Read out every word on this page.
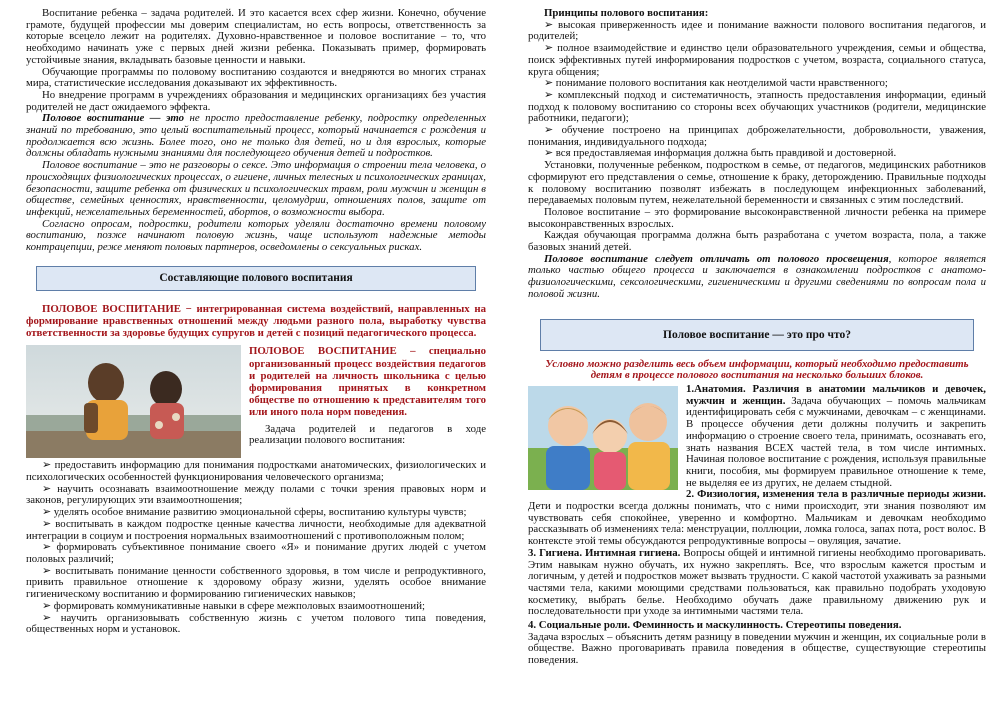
Воспитание ребенка – задача родителей. И это касается всех сфер жизни. Конечно, обучение грамоте, будущей профессии мы доверим специалистам, но есть вопросы, ответственность за которые всецело лежит на родителях. Духовно-нравственное и половое воспитание – то, что необходимо начинать уже с первых дней жизни ребенка. Показывать пример, формировать устойчивые знания, вкладывать базовые ценности и навыки.

Обучающие программы по половому воспитанию создаются и внедряются во многих странах мира, статистические исследования доказывают их эффективность.

Но внедрение программ в учреждениях образования и медицинских организациях без участия родителей не даст ожидаемого эффекта.

Половое воспитание — это не просто предоставление ребенку, подростку определенных знаний по требованию, это целый воспитательный процесс, который начинается с рождения и продолжается всю жизнь. Более того, оно не только для детей, но и для взрослых, которые должны обладать нужными знаниями для последующего обучения детей и подростков.

Половое воспитание – это не разговоры о сексе. Это информация о строении тела человека, о происходящих физиологических процессах, о гигиене, личных телесных и психологических границах, безопасности, защите ребенка от физических и психологических травм, роли мужчин и женщин в обществе, семейных ценностях, нравственности, целомудрии, отношениях полов, защите от инфекций, нежелательных беременностей, абортов, о возможности выбора.

Согласно опросам, подростки, родители которых уделяли достаточно времени половому воспитанию, позже начинают половую жизнь, чаще используют надежные методы контрацепции, реже меняют половых партнеров, осведомлены о сексуальных рисках.

Составляющие полового воспитания

ПОЛОВОЕ ВОСПИТАНИЕ − интегрированная система воздействий, направленных на формирование нравственных отношений между людьми разного пола, выработку чувства ответственности за здоровье будущих супругов и детей с позиций педагогического процесса.

ПОЛОВОЕ ВОСПИТАНИЕ – специально организованный процесс воздействия педагогов и родителей на личность школьника с целью формирования принятых в конкретном обществе по отношению к представителям того или иного пола норм поведения.

Задача родителей и педагогов в ходе реализации полового воспитания:

➢ предоставить информацию для понимания подростками анатомических, физиологических и психологических особенностей функционирования человеческого организма;

➢ научить осознавать взаимоотношение между полами с точки зрения правовых норм и законов, регулирующих эти взаимоотношения;

➢ уделять особое внимание развитию эмоциональной сферы, воспитанию культуры чувств;

➢ воспитывать в каждом подростке ценные качества личности, необходимые для адекватной интеграции в социум и построения нормальных взаимоотношений с противоположным полом;

➢ формировать субъективное понимание своего «Я» и понимание других людей с учетом половых различий;

➢ воспитывать понимание ценности собственного здоровья, в том числе и репродуктивного, привить правильное отношение к здоровому образу жизни, уделять особое внимание гигиеническому воспитанию и формированию гигиенических навыков;

➢ формировать коммуникативные навыки в сфере межполовых взаимоотношений;

➢ научить организовывать собственную жизнь с учетом полового типа поведения, общественных норм и установок.

Принципы полового воспитания:

➢ высокая приверженность идее и понимание важности полового воспитания педагогов, и родителей;

➢ полное взаимодействие и единство цели образовательного учреждения, семьи и общества, поиск эффективных путей информирования подростков с учетом, возраста, социального статуса, круга общения;

➢ понимание полового воспитания как неотделимой части нравственного;

➢ комплексный подход и систематичность, этапность предоставления информации, единый подход к половому воспитанию со стороны всех обучающих участников (родители, медицинские работники, педагоги);

➢ обучение построено на принципах доброжелательности, добровольности, уважения, понимания, индивидуального подхода;

➢ вся предоставляемая информация должна быть правдивой и достоверной.

Установки, полученные ребенком, подростком в семье, от педагогов, медицинских работников сформируют его представления о семье, отношение к браку, деторождению. Правильные подходы к половому воспитанию позволят избежать в последующем инфекционных заболеваний, передаваемых половым путем, нежелательной беременности и связанных с этим последствий.

Половое воспитание – это формирование высоконравственной личности ребенка на примере высоконравственных взрослых.

Каждая обучающая программа должна быть разработана с учетом возраста, пола, а также базовых знаний детей.

Половое воспитание следует отличать от полового просвещения, которое является только частью общего процесса и заключается в ознакомлении подростков с анатомо-физиологическими, сексологическими, гигиеническими и другими сведениями по вопросам пола и половой жизни.

Половое воспитание — это про что?

Условно можно разделить весь объем информации, который необходимо предоставить детям в процессе полового воспитания на несколько больших блоков.

1.Анатомия. Различия в анатомии мальчиков и девочек, мужчин и женщин. Задача обучающих – помочь мальчикам идентифицировать себя с мужчинами, девочкам – с женщинами. В процессе обучения дети должны получить и закрепить информацию о строение своего тела, принимать, осознавать его, знать названия ВСЕХ частей тела, в том числе интимных. Начиная половое воспитание с рождения, используя правильные книги, пособия, мы формируем правильное отношение к теме, не выделяя ее из других, не делаем стыдной.

2. Физиология, изменения тела в различные периоды жизни. Дети и подростки всегда должны понимать, что с ними происходит, эти знания позволяют им чувствовать себя спокойнее, уверенно и комфортно. Мальчикам и девочкам необходимо рассказывать об изменениях тела: менструации, поллюции, ломка голоса, запах пота, рост волос. В контексте этой темы обсуждаются репродуктивные вопросы – овуляция, зачатие.

3. Гигиена. Интимная гигиена. Вопросы общей и интимной гигиены необходимо проговаривать. Этим навыкам нужно обучать, их нужно закреплять. Все, что взрослым кажется простым и логичным, у детей и подростков может вызвать трудности. С какой частотой ухаживать за разными частями тела, какими моющими средствами пользоваться, как правильно подобрать уходовую косметику, выбрать белье. Необходимо обучать даже правильному движению рук и последовательности при уходе за интимными частями тела.

4. Социальные роли. Феминность и маскулинность. Стереотипы поведения.

Задача взрослых – объяснить детям разницу в поведении мужчин и женщин, их социальные роли в обществе. Важно проговаривать правила поведения в обществе, существующие стереотипы поведения.
